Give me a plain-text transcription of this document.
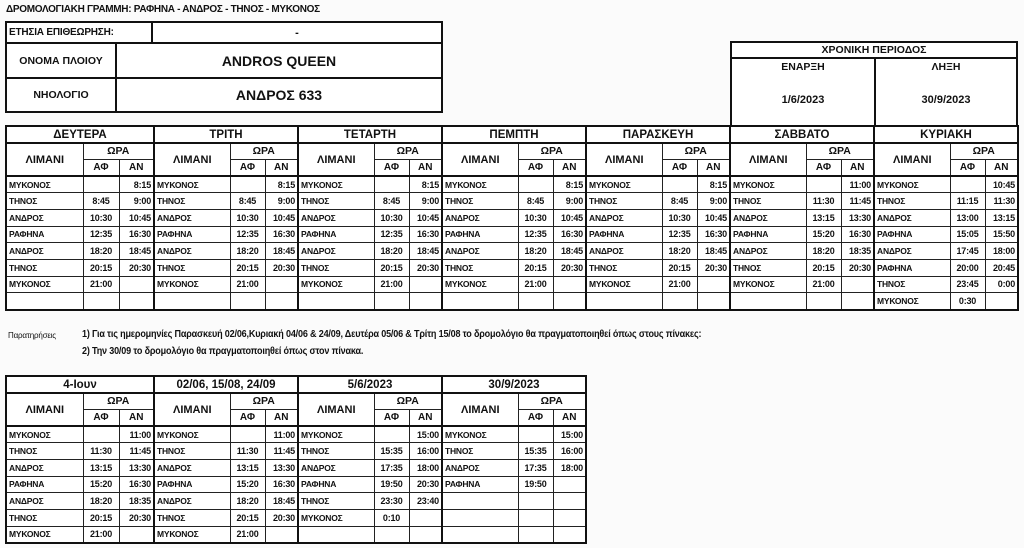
ΔΡΟΜΟΛΟΓΙΑΚΗ ΓΡΑΜΜΗ: ΡΑΦΗΝΑ - ΑΝΔΡΟΣ - ΤΗΝΟΣ - ΜΥΚΟΝΟΣ
ΕΤΗΣΙΑ ΕΠΙΘΕΩΡΗΣΗ:	-
ΟΝΟΜΑ ΠΛΟΙΟΥ	ANDROS QUEEN
ΝΗΟΛΟΓΙΟ	ΑΝΔΡΟΣ 633
ΧΡΟΝΙΚΗ ΠΕΡΙΟΔΟΣ
ΕΝΑΡΞΗ
1/6/2023
ΛΗΞΗ
30/9/2023
ΔΕΥΤΕΡΑ			ΤΡΙΤΗ			ΤΕΤΑΡΤΗ			ΠΕΜΠΤΗ			ΠΑΡΑΣΚΕΥΗ			ΣΑΒΒΑΤΟ			ΚΥΡΙΑΚΗ		
ΛΙΜΑΝΙ	ΩΡΑ		ΛΙΜΑΝΙ	ΩΡΑ		ΛΙΜΑΝΙ	ΩΡΑ		ΛΙΜΑΝΙ	ΩΡΑ		ΛΙΜΑΝΙ	ΩΡΑ		ΛΙΜΑΝΙ	ΩΡΑ		ΛΙΜΑΝΙ	ΩΡΑ	
	ΑΦ	ΑΝ		ΑΦ	ΑΝ		ΑΦ	ΑΝ		ΑΦ	ΑΝ		ΑΦ	ΑΝ		ΑΦ	ΑΝ		ΑΦ	ΑΝ
ΜΥΚΟΝΟΣ		8:15	ΜΥΚΟΝΟΣ		8:15	ΜΥΚΟΝΟΣ		8:15	ΜΥΚΟΝΟΣ		8:15	ΜΥΚΟΝΟΣ		8:15	ΜΥΚΟΝΟΣ		11:00	ΜΥΚΟΝΟΣ		10:45
ΤΗΝΟΣ	8:45	9:00	ΤΗΝΟΣ	8:45	9:00	ΤΗΝΟΣ	8:45	9:00	ΤΗΝΟΣ	8:45	9:00	ΤΗΝΟΣ	8:45	9:00	ΤΗΝΟΣ	11:30	11:45	ΤΗΝΟΣ	11:15	11:30
ΑΝΔΡΟΣ	10:30	10:45	ΑΝΔΡΟΣ	10:30	10:45	ΑΝΔΡΟΣ	10:30	10:45	ΑΝΔΡΟΣ	10:30	10:45	ΑΝΔΡΟΣ	10:30	10:45	ΑΝΔΡΟΣ	13:15	13:30	ΑΝΔΡΟΣ	13:00	13:15
ΡΑΦΗΝΑ	12:35	16:30	ΡΑΦΗΝΑ	12:35	16:30	ΡΑΦΗΝΑ	12:35	16:30	ΡΑΦΗΝΑ	12:35	16:30	ΡΑΦΗΝΑ	12:35	16:30	ΡΑΦΗΝΑ	15:20	16:30	ΡΑΦΗΝΑ	15:05	15:50
ΑΝΔΡΟΣ	18:20	18:45	ΑΝΔΡΟΣ	18:20	18:45	ΑΝΔΡΟΣ	18:20	18:45	ΑΝΔΡΟΣ	18:20	18:45	ΑΝΔΡΟΣ	18:20	18:45	ΑΝΔΡΟΣ	18:20	18:35	ΑΝΔΡΟΣ	17:45	18:00
ΤΗΝΟΣ	20:15	20:30	ΤΗΝΟΣ	20:15	20:30	ΤΗΝΟΣ	20:15	20:30	ΤΗΝΟΣ	20:15	20:30	ΤΗΝΟΣ	20:15	20:30	ΤΗΝΟΣ	20:15	20:30	ΡΑΦΗΝΑ	20:00	20:45
ΜΥΚΟΝΟΣ	21:00		ΜΥΚΟΝΟΣ	21:00		ΜΥΚΟΝΟΣ	21:00		ΜΥΚΟΝΟΣ	21:00		ΜΥΚΟΝΟΣ	21:00		ΜΥΚΟΝΟΣ	21:00		ΤΗΝΟΣ	23:45	0:00
																		ΜΥΚΟΝΟΣ	0:30	
Παρατηρήσεις 1) Για τις ημερομηνίες Παρασκευή 02/06,Κυριακή 04/06 & 24/09, Δευτέρα 05/06 & Τρίτη 15/08 το δρομολόγιο θα πραγματοποιηθεί όπως στους πίνακες:
2) Την 30/09 το δρομολόγιο θα πραγματοποιηθεί όπως στον πίνακα.
4-Ιουν			02/06, 15/08, 24/09			5/6/2023			30/9/2023		
ΛΙΜΑΝΙ	ΩΡΑ		ΛΙΜΑΝΙ	ΩΡΑ		ΛΙΜΑΝΙ	ΩΡΑ		ΛΙΜΑΝΙ	ΩΡΑ	
	ΑΦ	ΑΝ		ΑΦ	ΑΝ		ΑΦ	ΑΝ		ΑΦ	ΑΝ
ΜΥΚΟΝΟΣ		11:00	ΜΥΚΟΝΟΣ		11:00	ΜΥΚΟΝΟΣ		15:00	ΜΥΚΟΝΟΣ		15:00
ΤΗΝΟΣ	11:30	11:45	ΤΗΝΟΣ	11:30	11:45	ΤΗΝΟΣ	15:35	16:00	ΤΗΝΟΣ	15:35	16:00
ΑΝΔΡΟΣ	13:15	13:30	ΑΝΔΡΟΣ	13:15	13:30	ΑΝΔΡΟΣ	17:35	18:00	ΑΝΔΡΟΣ	17:35	18:00
ΡΑΦΗΝΑ	15:20	16:30	ΡΑΦΗΝΑ	15:20	16:30	ΡΑΦΗΝΑ	19:50	20:30	ΡΑΦΗΝΑ	19:50	
ΑΝΔΡΟΣ	18:20	18:35	ΑΝΔΡΟΣ	18:20	18:45	ΤΗΝΟΣ	23:30	23:40			
ΤΗΝΟΣ	20:15	20:30	ΤΗΝΟΣ	20:15	20:30	ΜΥΚΟΝΟΣ	0:10				
ΜΥΚΟΝΟΣ	21:00		ΜΥΚΟΝΟΣ	21:00							
